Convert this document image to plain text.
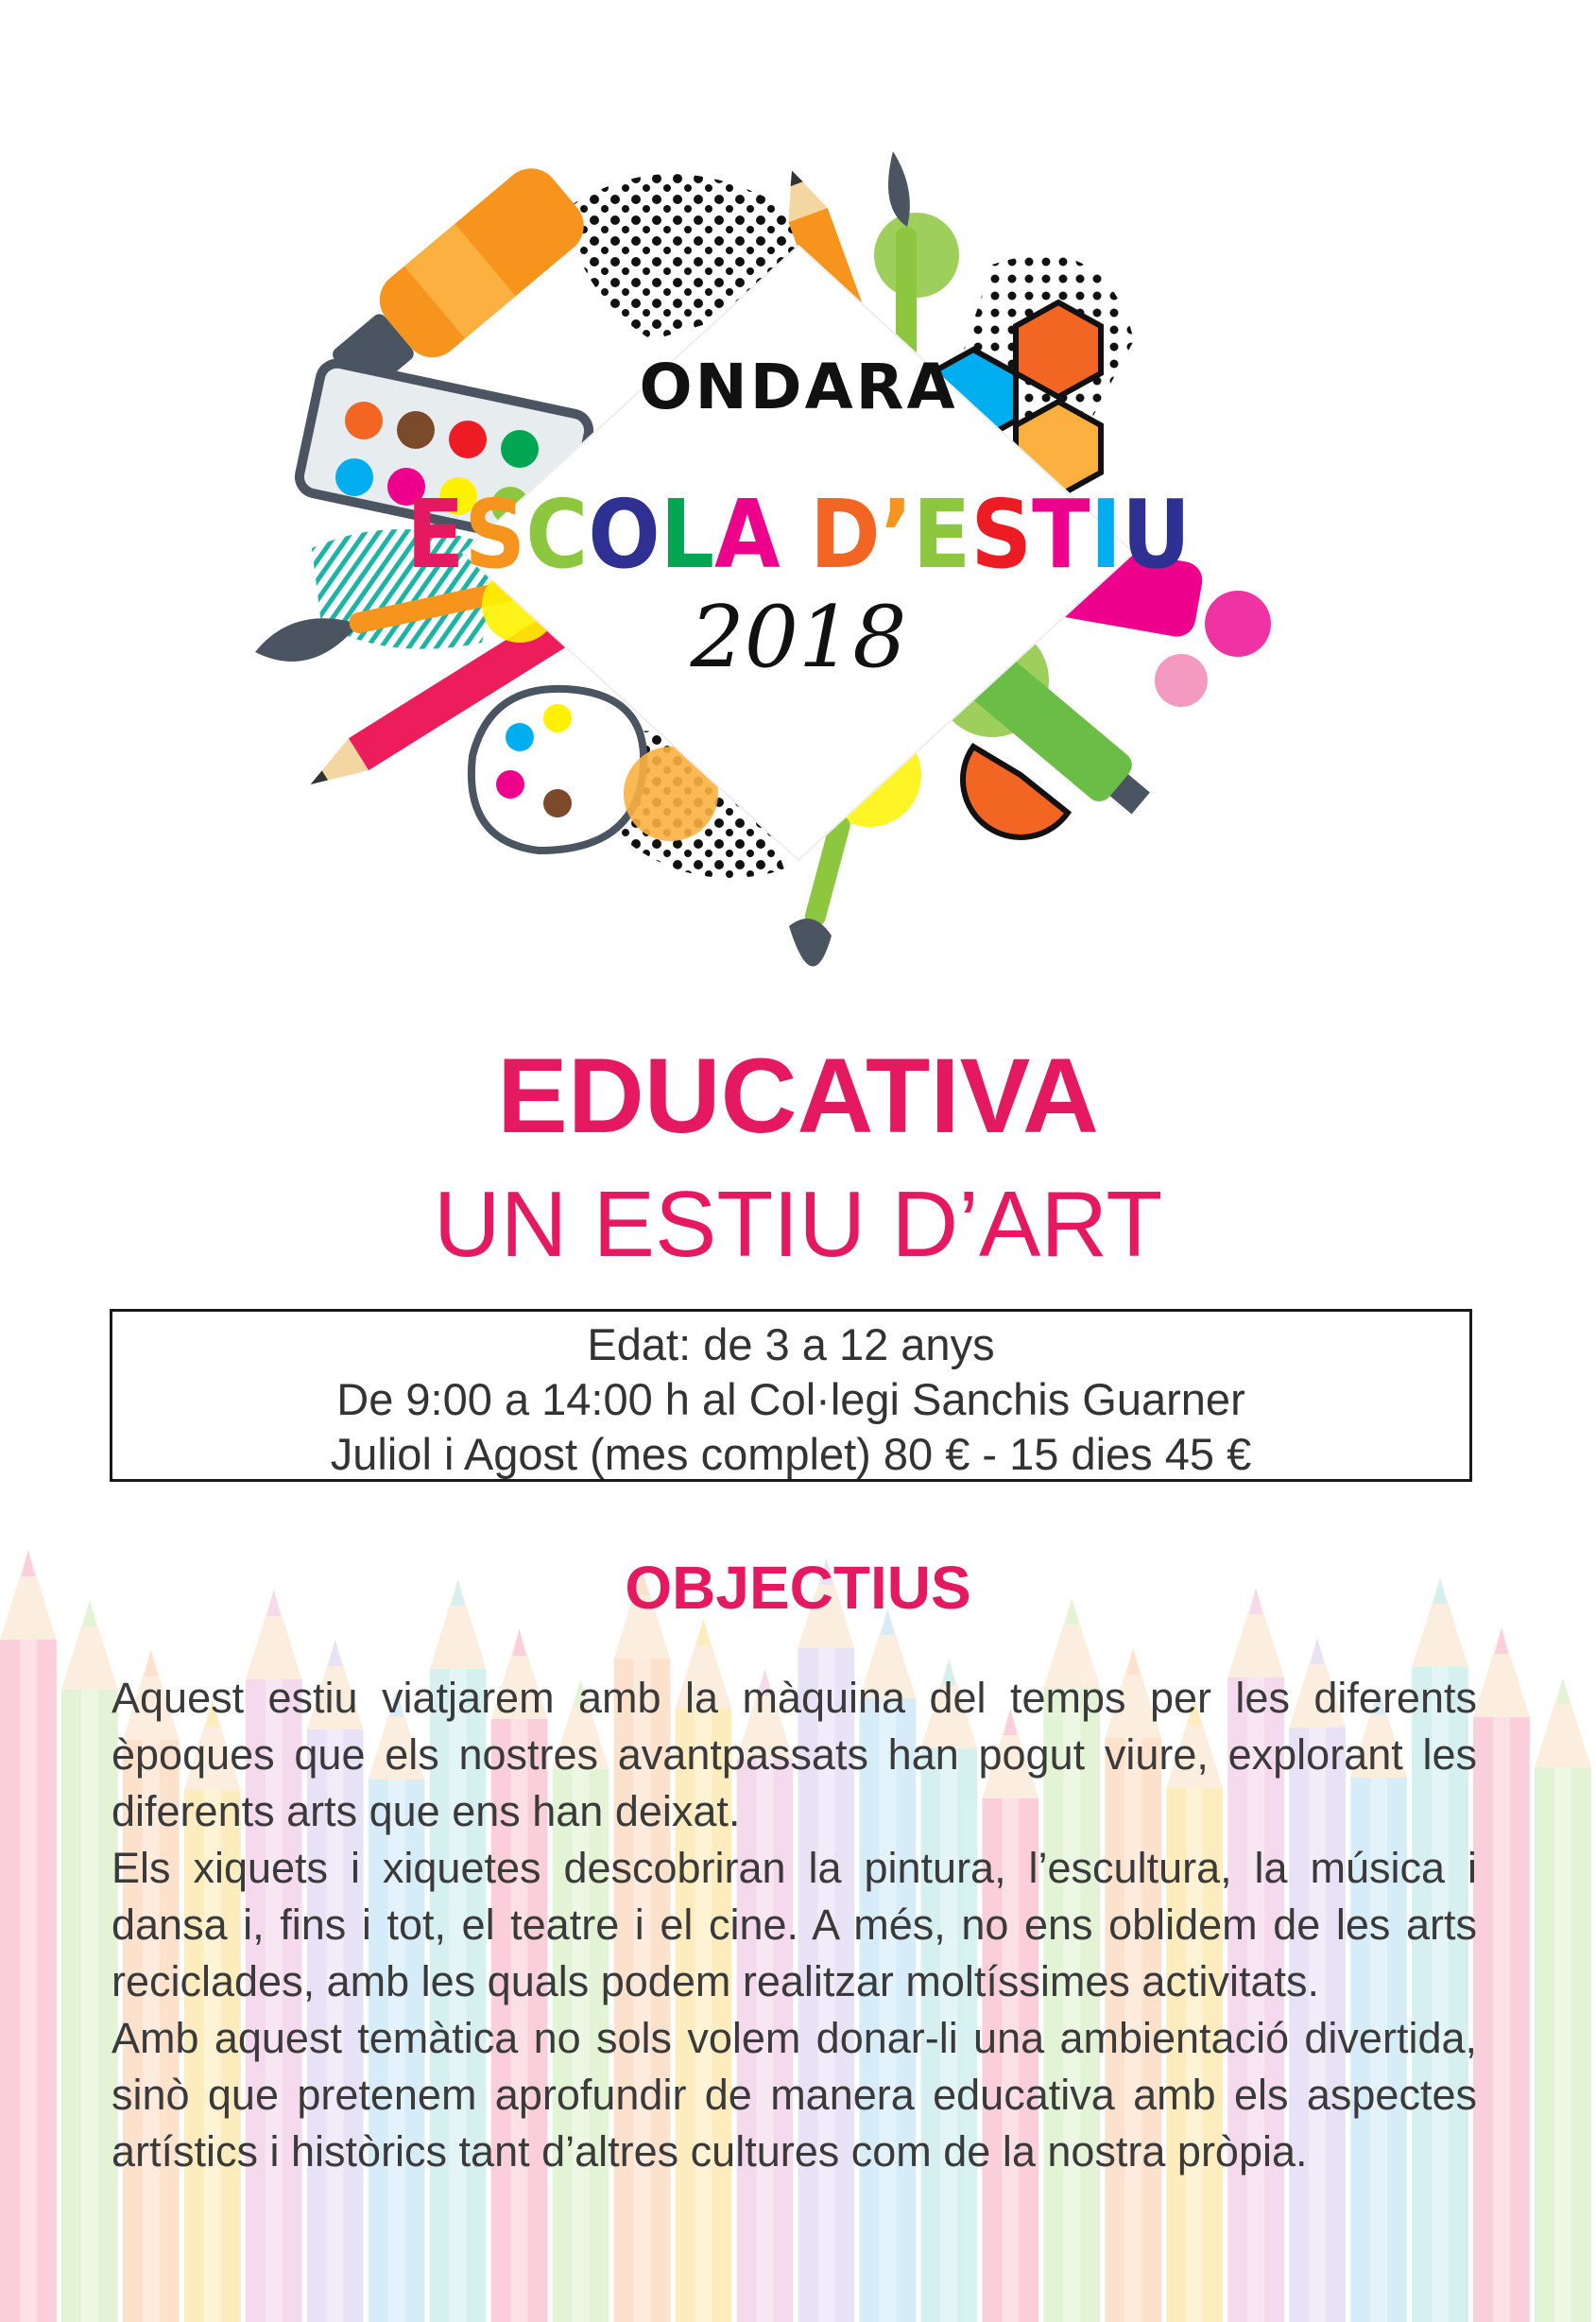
ONDARA
ESCOLA D’ESTIU
2018
EDUCATIVA
UN ESTIU D’ART
Edat: de 3 a 12 anys
De 9:00 a 14:00 h al Col·legi Sanchis Guarner
Juliol i Agost (mes complet) 80 € - 15 dies 45 €
OBJECTIUS

Aquest estiu viatjarem amb la màquina del temps per les diferents èpoques que els nostres avantpassats han pogut viure, explorant les diferents arts que ens han deixat.

Els xiquets i xiquetes descobriran la pintura, l’escultura, la música i dansa i, fins i tot, el teatre i el cine. A més, no ens oblidem de les arts reciclades, amb les quals podem realitzar moltíssimes activitats.

Amb aquest temàtica no sols volem donar-li una ambientació divertida, sinò que pretenem aprofundir de manera educativa amb els aspectes artístics i històrics tant d’altres cultures com de la nostra pròpia.
